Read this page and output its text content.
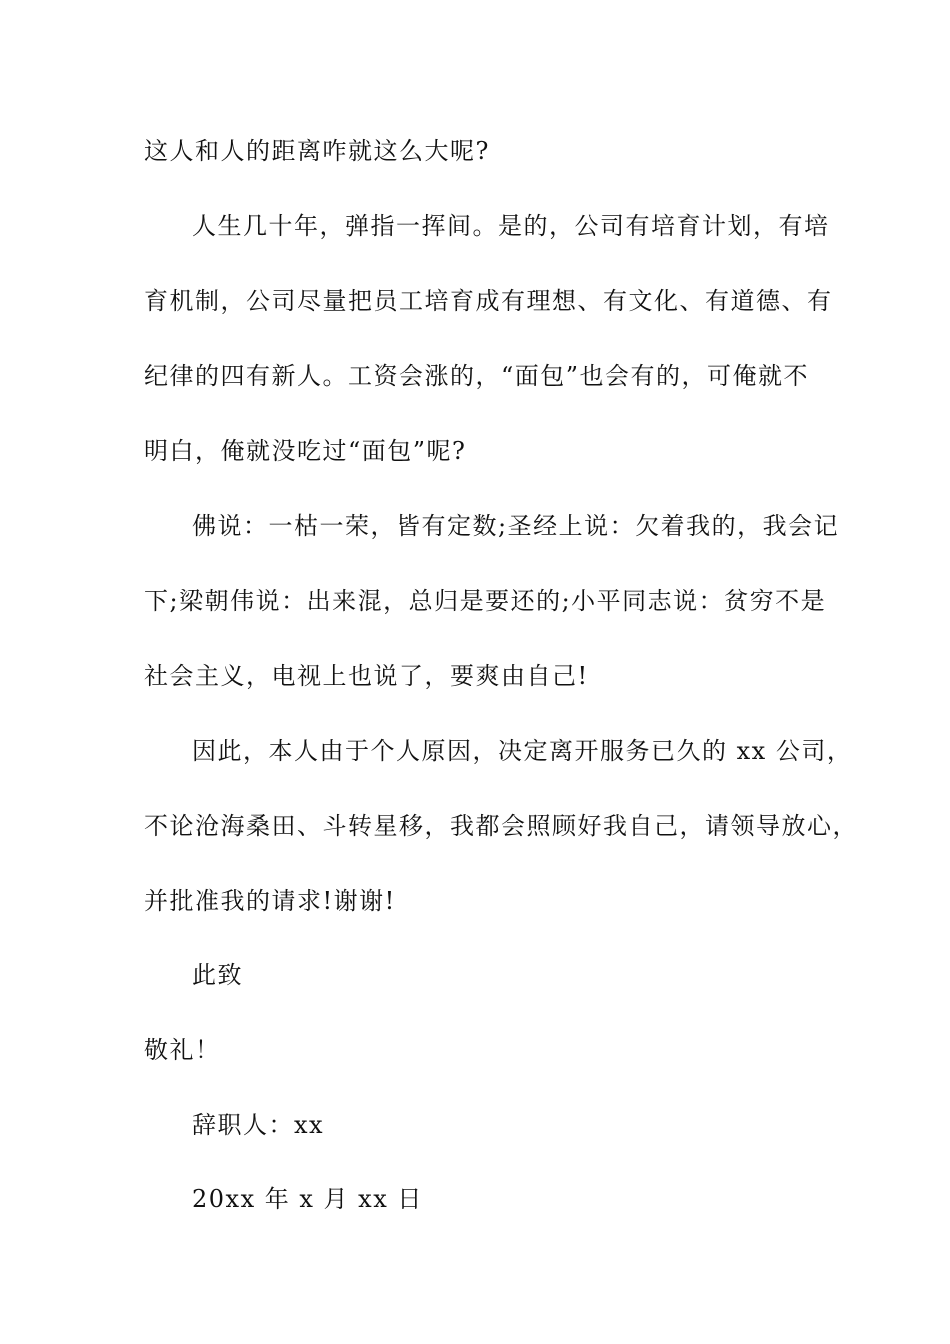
这人和人的距离咋就这么大呢?
人生几十年，弹指一挥间。是的，公司有培育计划，有培
育机制，公司尽量把员工培育成有理想、有文化、有道德、有
纪律的四有新人。工资会涨的，“面包”也会有的，可俺就不
明白，俺就没吃过“面包”呢?
佛说：一枯一荣，皆有定数;圣经上说：欠着我的，我会记
下;梁朝伟说：出来混，总归是要还的;小平同志说：贫穷不是
社会主义，电视上也说了，要爽由自己!
因此，本人由于个人原因，决定离开服务已久的 xx 公司，
不论沧海桑田、斗转星移，我都会照顾好我自己，请领导放心，
并批准我的请求!谢谢!
此致
敬礼！
辞职人：xx
20xx 年 x 月 xx 日
